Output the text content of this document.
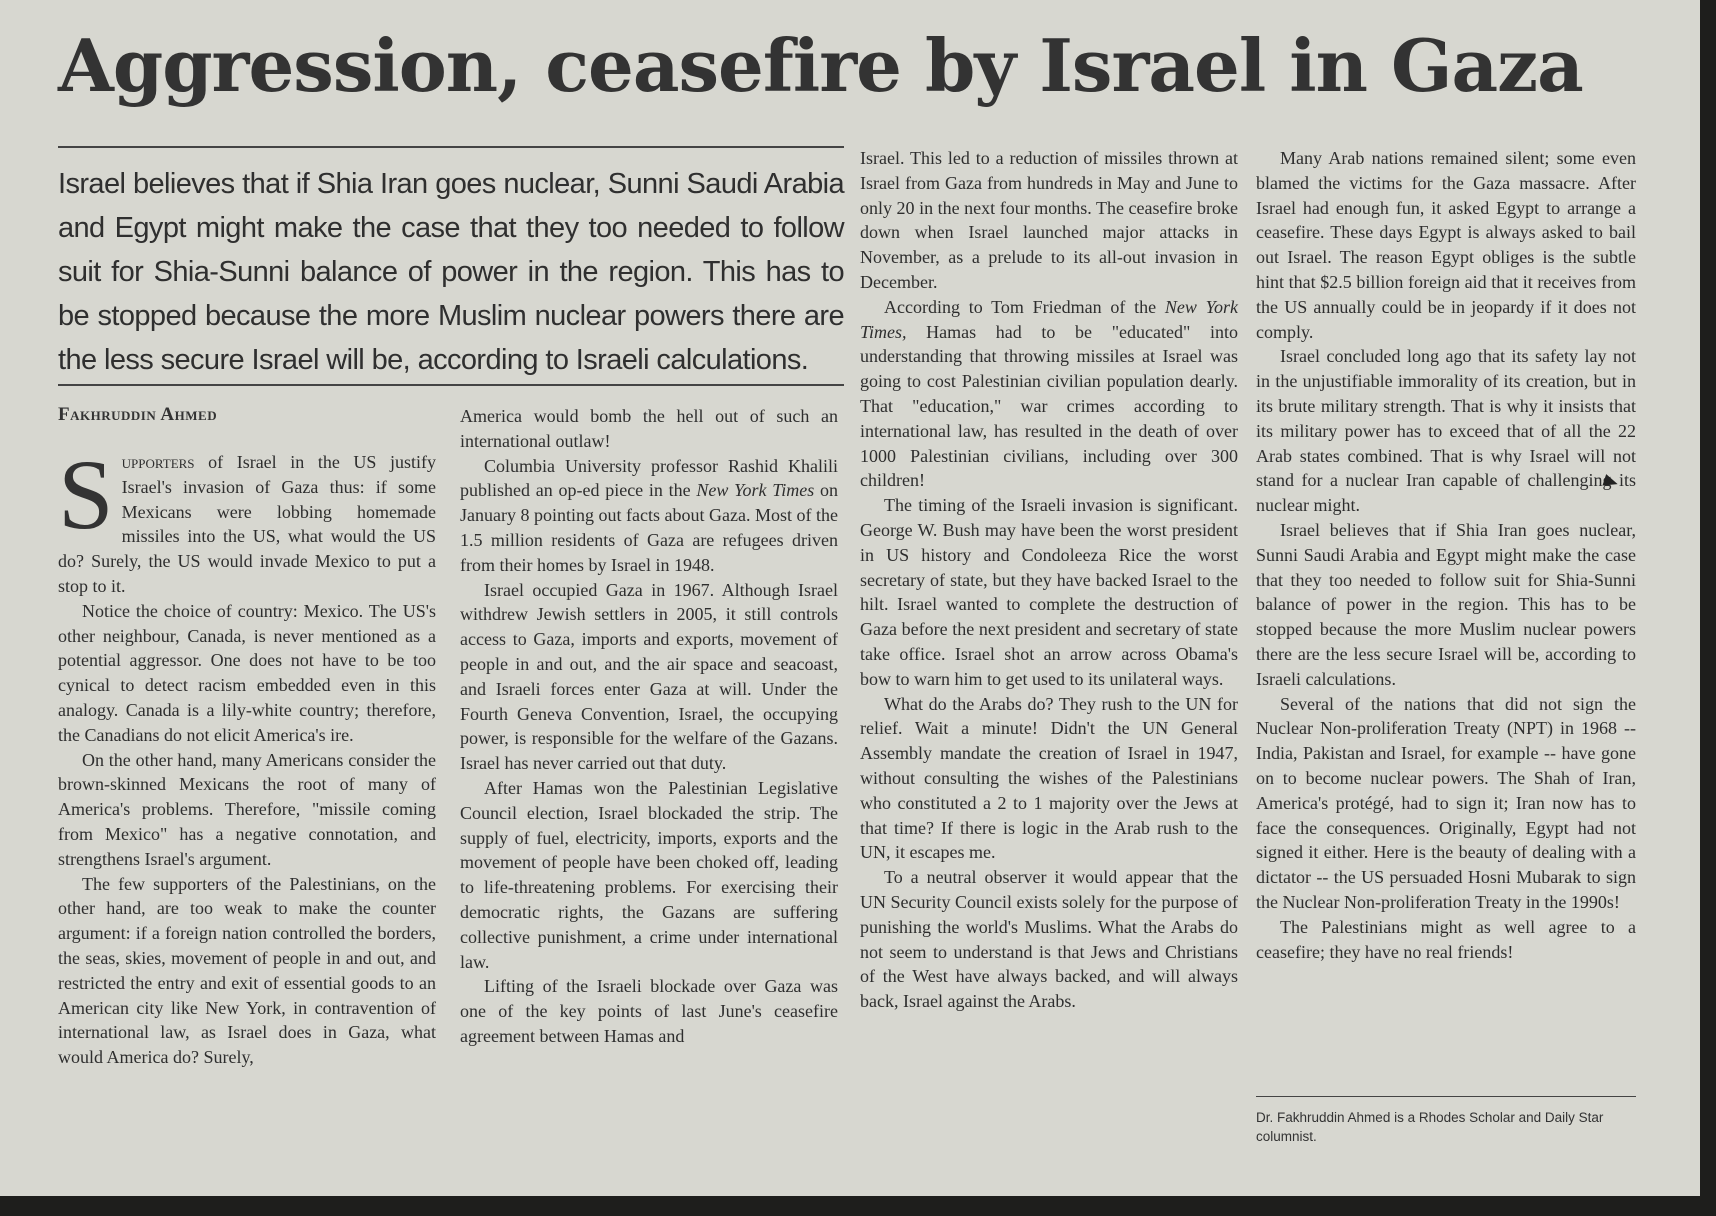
Aggression, ceasefire by Israel in Gaza

Israel believes that if Shia Iran goes nuclear, Sunni Saudi Arabia and Egypt might make the case that they too needed to follow suit for Shia-Sunni balance of power in the region. This has to be stopped because the more Muslim nuclear powers there are the less secure Israel will be, according to Israeli calculations.

Fakhruddin Ahmed

Supporters of Israel in the US justify Israel's invasion of Gaza thus: if some Mexicans were lobbing homemade missiles into the US, what would the US do? Surely, the US would invade Mexico to put a stop to it.

Notice the choice of country: Mexico. The US's other neighbour, Canada, is never mentioned as a potential aggressor. One does not have to be too cynical to detect racism embedded even in this analogy. Canada is a lily-white country; therefore, the Canadians do not elicit America's ire.

On the other hand, many Americans consider the brown-skinned Mexicans the root of many of America's problems. Therefore, "missile coming from Mexico" has a negative connotation, and strengthens Israel's argument.

The few supporters of the Palestinians, on the other hand, are too weak to make the counter argument: if a foreign nation controlled the borders, the seas, skies, movement of people in and out, and restricted the entry and exit of essential goods to an American city like New York, in contravention of international law, as Israel does in Gaza, what would America do? Surely,

America would bomb the hell out of such an international outlaw!

Columbia University professor Rashid Khalili published an op-ed piece in the New York Times on January 8 pointing out facts about Gaza. Most of the 1.5 million residents of Gaza are refugees driven from their homes by Israel in 1948.

Israel occupied Gaza in 1967. Although Israel withdrew Jewish settlers in 2005, it still controls access to Gaza, imports and exports, movement of people in and out, and the air space and seacoast, and Israeli forces enter Gaza at will. Under the Fourth Geneva Convention, Israel, the occupying power, is responsible for the welfare of the Gazans. Israel has never carried out that duty.

After Hamas won the Palestinian Legislative Council election, Israel blockaded the strip. The supply of fuel, electricity, imports, exports and the movement of people have been choked off, leading to life-threatening problems. For exercising their democratic rights, the Gazans are suffering collective punishment, a crime under international law.

Lifting of the Israeli blockade over Gaza was one of the key points of last June's ceasefire agreement between Hamas and

Israel. This led to a reduction of missiles thrown at Israel from Gaza from hundreds in May and June to only 20 in the next four months. The ceasefire broke down when Israel launched major attacks in November, as a prelude to its all-out invasion in December.

According to Tom Friedman of the New York Times, Hamas had to be "educated" into understanding that throwing missiles at Israel was going to cost Palestinian civilian population dearly. That "education," war crimes according to international law, has resulted in the death of over 1000 Palestinian civilians, including over 300 children!

The timing of the Israeli invasion is significant. George W. Bush may have been the worst president in US history and Condoleeza Rice the worst secretary of state, but they have backed Israel to the hilt. Israel wanted to complete the destruction of Gaza before the next president and secretary of state take office. Israel shot an arrow across Obama's bow to warn him to get used to its unilateral ways.

What do the Arabs do? They rush to the UN for relief. Wait a minute! Didn't the UN General Assembly mandate the creation of Israel in 1947, without consulting the wishes of the Palestinians who constituted a 2 to 1 majority over the Jews at that time? If there is logic in the Arab rush to the UN, it escapes me.

To a neutral observer it would appear that the UN Security Council exists solely for the purpose of punishing the world's Muslims. What the Arabs do not seem to understand is that Jews and Christians of the West have always backed, and will always back, Israel against the Arabs.

Many Arab nations remained silent; some even blamed the victims for the Gaza massacre. After Israel had enough fun, it asked Egypt to arrange a ceasefire. These days Egypt is always asked to bail out Israel. The reason Egypt obliges is the subtle hint that $2.5 billion foreign aid that it receives from the US annually could be in jeopardy if it does not comply.

Israel concluded long ago that its safety lay not in the unjustifiable immorality of its creation, but in its brute military strength. That is why it insists that its military power has to exceed that of all the 22 Arab states combined. That is why Israel will not stand for a nuclear Iran capable of challenging its nuclear might.

Israel believes that if Shia Iran goes nuclear, Sunni Saudi Arabia and Egypt might make the case that they too needed to follow suit for Shia-Sunni balance of power in the region. This has to be stopped because the more Muslim nuclear powers there are the less secure Israel will be, according to Israeli calculations.

Several of the nations that did not sign the Nuclear Non-proliferation Treaty (NPT) in 1968 -- India, Pakistan and Israel, for example -- have gone on to become nuclear powers. The Shah of Iran, America's protégé, had to sign it; Iran now has to face the consequences. Originally, Egypt had not signed it either. Here is the beauty of dealing with a dictator -- the US persuaded Hosni Mubarak to sign the Nuclear Non-proliferation Treaty in the 1990s!

The Palestinians might as well agree to a ceasefire; they have no real friends!

Dr. Fakhruddin Ahmed is a Rhodes Scholar and Daily Star columnist.
